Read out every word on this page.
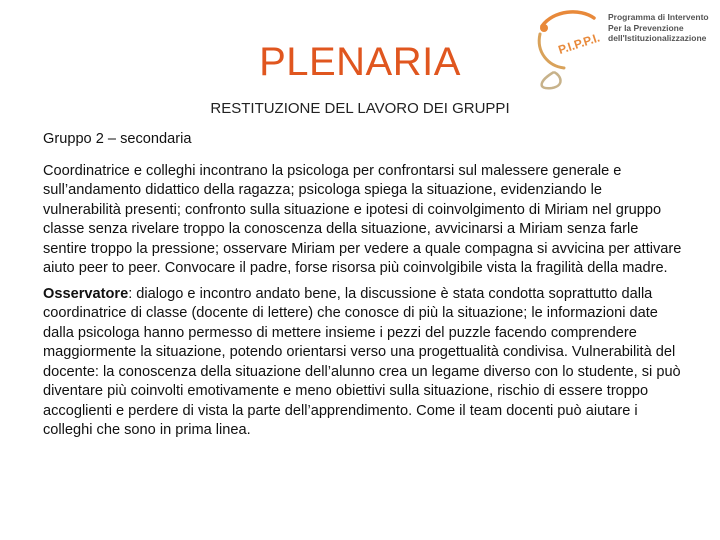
P.I.P.P.I.
Programma di Intervento
Per la Prevenzione
dell'Istituzionalizzazione
PLENARIA
RESTITUZIONE DEL LAVORO DEI GRUPPI

Gruppo 2 – secondaria

Coordinatrice e colleghi incontrano la psicologa per confrontarsi sul malessere generale e sull’andamento didattico della ragazza; psicologa spiega la situazione, evidenziando le vulnerabilità presenti; confronto sulla situazione e ipotesi di coinvolgimento di Miriam nel gruppo classe senza rivelare troppo la conoscenza della situazione, avvicinarsi a Miriam senza farle sentire troppo la pressione; osservare Miriam per vedere a quale compagna si avvicina per attivare aiuto peer to peer. Convocare il padre, forse risorsa più coinvolgibile vista la fragilità della madre.

Osservatore: dialogo e incontro andato bene, la discussione è stata condotta soprattutto dalla coordinatrice di classe (docente di lettere) che conosce di più la situazione; le informazioni date dalla psicologa hanno permesso di mettere insieme i pezzi del puzzle facendo comprendere maggiormente la situazione, potendo orientarsi verso una progettualità condivisa. Vulnerabilità del docente: la conoscenza della situazione dell’alunno crea un legame diverso con lo studente, si può diventare più coinvolti emotivamente e meno obiettivi sulla situazione, rischio di essere troppo accoglienti e perdere di vista la parte dell’apprendimento. Come il team docenti può aiutare i colleghi che sono in prima linea.
